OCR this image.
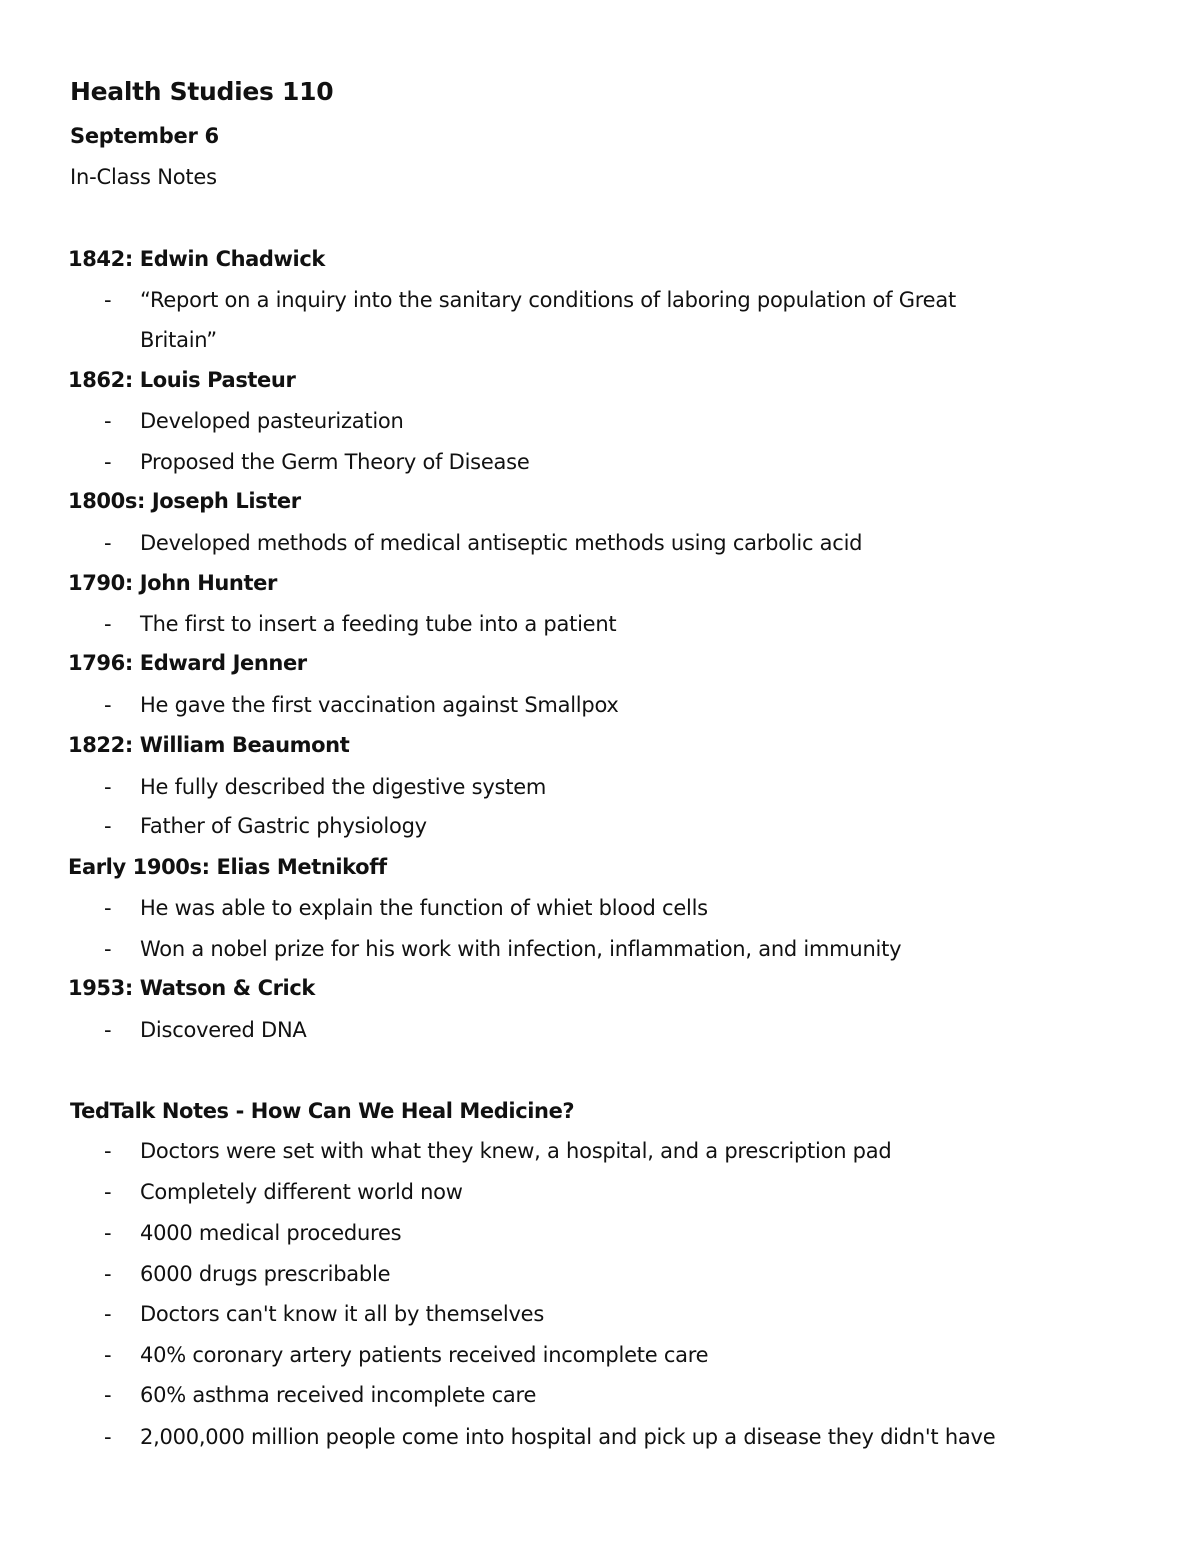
Health Studies 110
September 6
In-Class Notes
1842: Edwin Chadwick
- “Report on a inquiry into the sanitary conditions of laboring population of Great
Britain”
1862: Louis Pasteur
- Developed pasteurization
- Proposed the Germ Theory of Disease
1800s: Joseph Lister
- Developed methods of medical antiseptic methods using carbolic acid
1790: John Hunter
- The first to insert a feeding tube into a patient
1796: Edward Jenner
- He gave the first vaccination against Smallpox
1822: William Beaumont
- He fully described the digestive system
- Father of Gastric physiology
Early 1900s: Elias Metnikoff
- He was able to explain the function of whiet blood cells
- Won a nobel prize for his work with infection, inflammation, and immunity
1953: Watson & Crick
- Discovered DNA
TedTalk Notes - How Can We Heal Medicine?
- Doctors were set with what they knew, a hospital, and a prescription pad
- Completely different world now
- 4000 medical procedures
- 6000 drugs prescribable
- Doctors can't know it all by themselves
- 40% coronary artery patients received incomplete care
- 60% asthma received incomplete care
- 2,000,000 million people come into hospital and pick up a disease they didn't have
